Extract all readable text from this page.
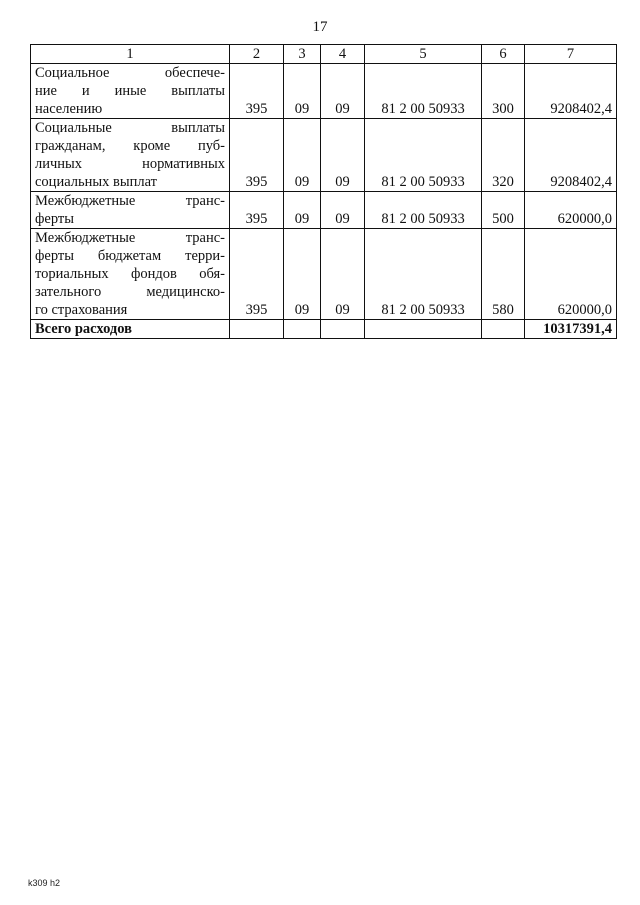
17
1	2	3	4	5	6	7

Социальное обеспече-
ние и иные выплаты
населению	395	09	09	81 2 00 50933	300	9208402,4

Социальные выплаты
гражданам, кроме пуб-
личных нормативных
социальных выплат	395	09	09	81 2 00 50933	320	9208402,4

Межбюджетные транс-
ферты	395	09	09	81 2 00 50933	500	620000,0

Межбюджетные транс-
ферты бюджетам терри-
ториальных фондов обя-
зательного медицинско-
го страхования	395	09	09	81 2 00 50933	580	620000,0
Всего расходов						10317391,4
k309 h2
